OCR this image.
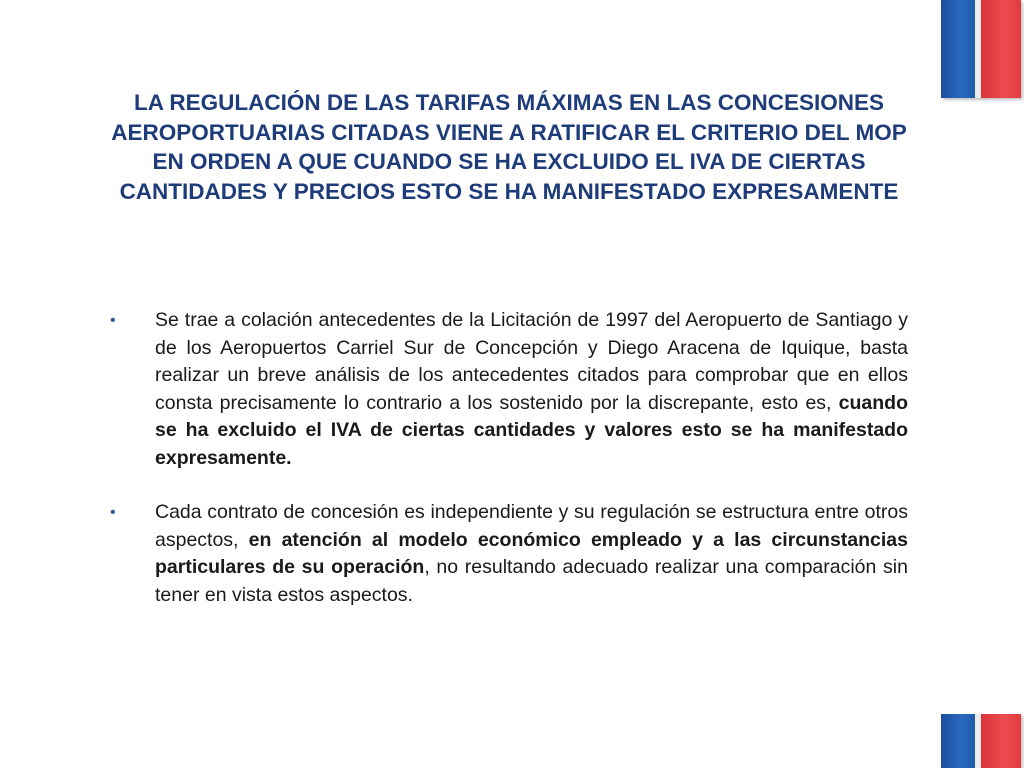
LA REGULACIÓN DE LAS TARIFAS MÁXIMAS EN LAS CONCESIONES AEROPORTUARIAS CITADAS VIENE A RATIFICAR EL CRITERIO DEL MOP EN ORDEN A QUE CUANDO SE HA EXCLUIDO EL IVA DE CIERTAS CANTIDADES Y PRECIOS ESTO SE HA MANIFESTADO EXPRESAMENTE
• Se trae a colación antecedentes de la Licitación de 1997 del Aeropuerto de Santiago y de los Aeropuertos Carriel Sur de Concepción y Diego Aracena de Iquique, basta realizar un breve análisis de los antecedentes citados para comprobar que en ellos consta precisamente lo contrario a los sostenido por la discrepante, esto es, cuando se ha excluido el IVA de ciertas cantidades y valores esto se ha manifestado expresamente.
• Cada contrato de concesión es independiente y su regulación se estructura entre otros aspectos, en atención al modelo económico empleado y a las circunstancias particulares de su operación, no resultando adecuado realizar una comparación sin tener en vista estos aspectos.
